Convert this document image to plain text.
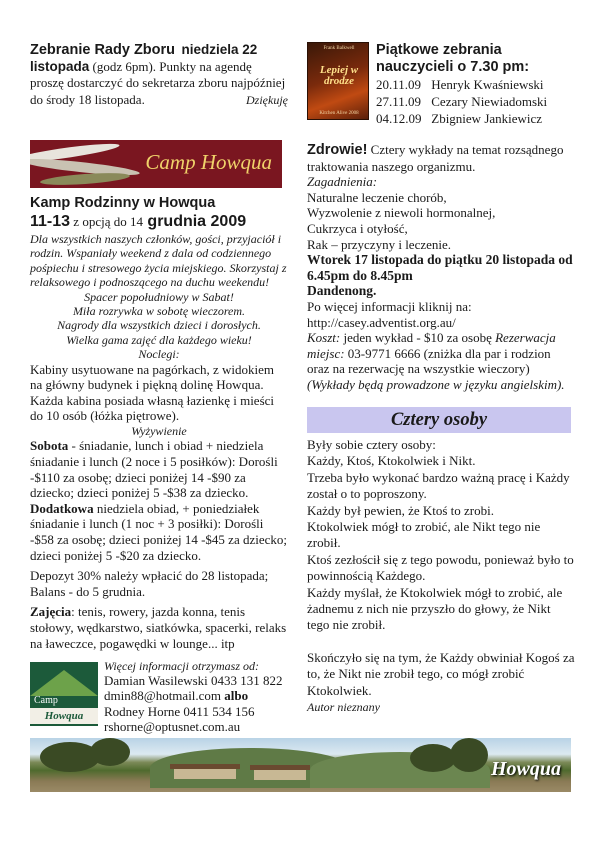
Zebranie Rady Zboru niedziela 22 listopada (godz 6pm). Punkty na agendę proszę dostarczyć do sekretarza zboru najpóźniej do środy 18 listopada.	Dziękuję

Frank Balkwell
Lepiej w drodze
Kitchen Alive 2008
Piątkowe zebrania
nauczycieli o 7.30 pm:
20.11.09 Henryk Kwaśniewski
27.11.09 Cezary Niewiadomski
04.12.09 Zbigniew Jankiewicz
Camp Howqua
Kamp Rodzinny w Howqua
11-13 z opcją do 14 grudnia 2009

Dla wszystkich naszych członków, gości, przyjaciół i rodzin. Wspaniały weekend z dala od codziennego pośpiechu i stresowego życia miejskiego. Skorzystaj z relaksowego i podnoszącego na duchu weekendu!

Spacer popołudniowy w Sabat!

Miła rozrywka w sobotę wieczorem.

Nagrody dla wszystkich dzieci i dorosłych.

Wielka gama zajęć dla każdego wieku!

Noclegi:

Kabiny usytuowane na pagórkach, z widokiem na główny budynek i piękną dolinę Howqua. Każda kabina posiada własną łazienkę i mieści do 10 osób (łóżka piętrowe).

Wyżywienie

Sobota - śniadanie, lunch i obiad + niedziela śniadanie i lunch (2 noce i 5 posiłków): Dorośli -$110 za osobę; dzieci poniżej 14 -$90 za dziecko; dzieci poniżej 5 -$38 za dziecko.

Dodatkowa niedziela obiad, + poniedziałek śniadanie i lunch (1 noc + 3 posiłki): Dorośli -$58 za osobę; dzieci poniżej 14 -$45 za dziecko; dzieci poniżej 5 -$20 za dziecko.

Depozyt 30% należy wpłacić do 28 listopada; Balans - do 5 grudnia.

Zajęcia: tenis, rowery, jazda konna, tenis stołowy, wędkarstwo, siatkówka, spacerki, relaks na ławeczce, pogawędki w lounge... itp

Camp
Howqua
Więcej informacji otrzymasz od:
Damian Wasilewski 0433 131 822
dmin88@hotmail.com albo
Rodney Horne 0411 534 156
rshorne@optusnet.com.au

Zdrowie! Cztery wykłady na temat rozsądnego traktowania naszego organizmu.

Zagadnienia:

Naturalne leczenie chorób,

Wyzwolenie z niewoli hormonalnej,

Cukrzyca i otyłość,

Rak – przyczyny i leczenie.

Wtorek 17 listopada do piątku 20 listopada od 6.45pm do 8.45pm

Dandenong.

Po więcej informacji kliknij na: http://casey.adventist.org.au/

Koszt: jeden wykład - $10 za osobę Rezerwacja miejsc: 03-9771 6666 (zniżka dla par i rodzion oraz na rezerwację na wszystkie wieczory)

(Wykłady będą prowadzone w języku angielskim).

Cztery osoby

Były sobie cztery osoby:

Każdy, Ktoś, Ktokolwiek i Nikt.

Trzeba było wykonać bardzo ważną pracę i Każdy został o to poproszony.

Każdy był pewien, że Ktoś to zrobi.

Ktokolwiek mógł to zrobić, ale Nikt tego nie zrobił.

Ktoś zezłościł się z tego powodu, ponieważ było to powinnością Każdego.

Każdy myślał, że Ktokolwiek mógł to zrobić, ale żadnemu z nich nie przyszło do głowy, że Nikt tego nie zrobił.

Skończyło się na tym, że Każdy obwiniał Kogoś za to, że Nikt nie zrobił tego, co mógł zrobić Ktokolwiek.

Autor nieznany

Howqua
